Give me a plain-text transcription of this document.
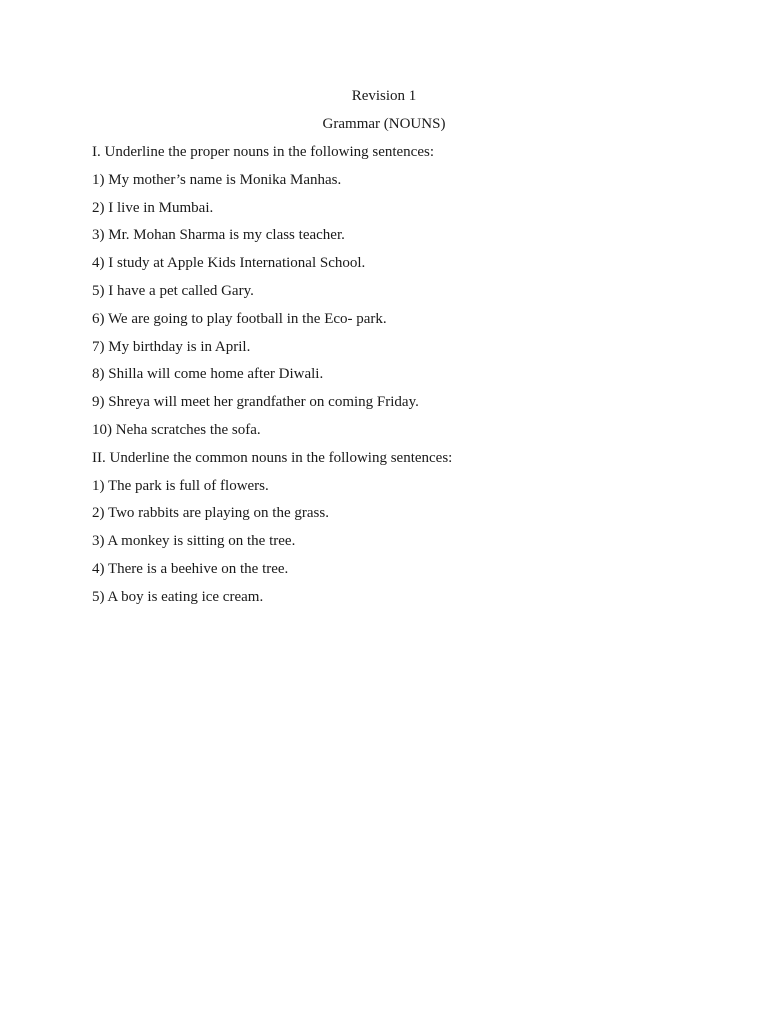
Revision 1
Grammar (NOUNS)
I. Underline the proper nouns in the following sentences:
1) My mother’s name is Monika Manhas.
2) I live in Mumbai.
3) Mr. Mohan Sharma is my class teacher.
4) I study at Apple Kids International School.
5) I have a pet called Gary.
6) We are going to play football in the Eco- park.
7) My birthday is in April.
8) Shilla will come home after Diwali.
9) Shreya will meet her grandfather on coming Friday.
10) Neha scratches the sofa.
II. Underline the common nouns in the following sentences:
1) The park is full of flowers.
2) Two rabbits are playing on the grass.
3) A monkey is sitting on the tree.
4) There is a beehive on the tree.
5) A boy is eating ice cream.
